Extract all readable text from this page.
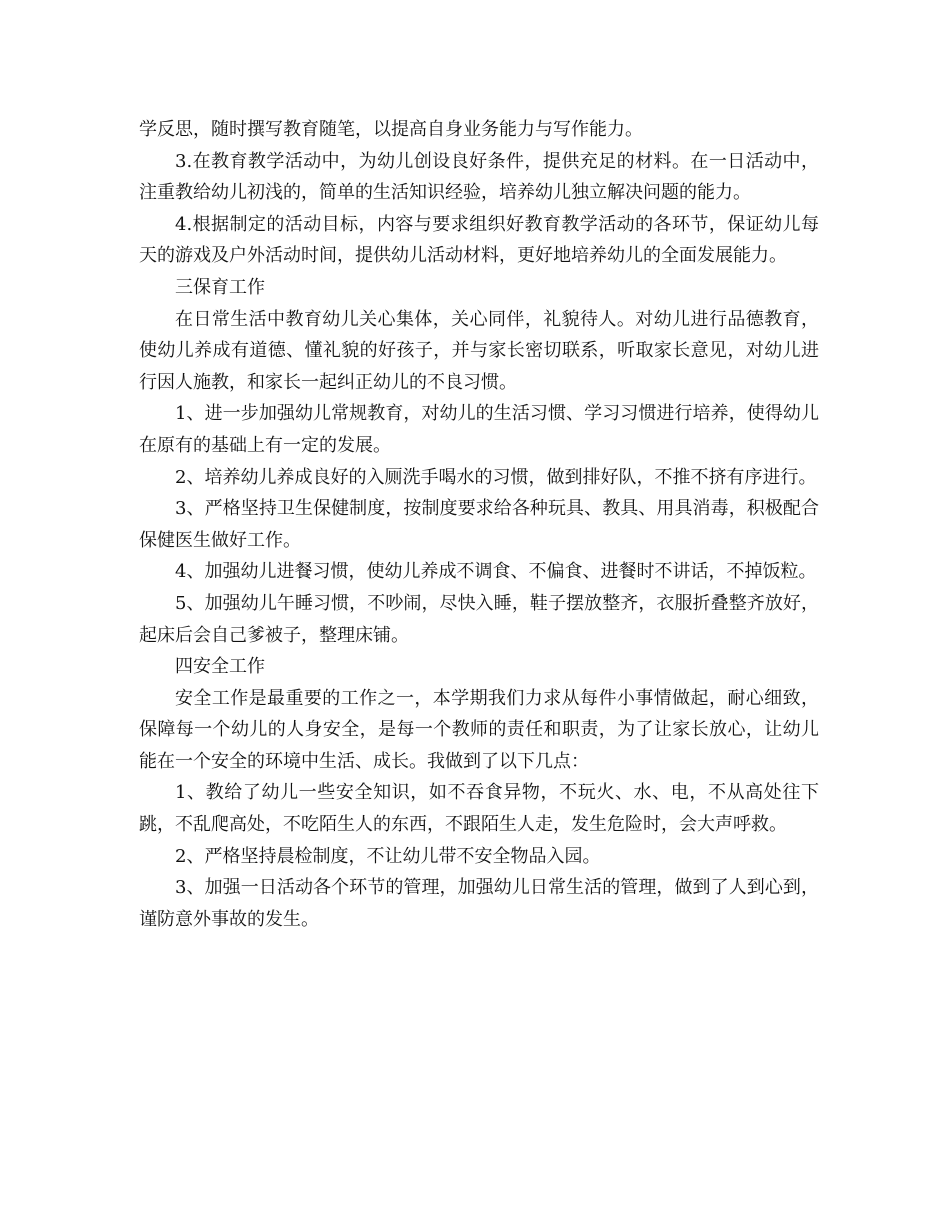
学反思，随时撰写教育随笔，以提高自身业务能力与写作能力。

3.在教育教学活动中，为幼儿创设良好条件，提供充足的材料。在一日活动中，注重教给幼儿初浅的，简单的生活知识经验，培养幼儿独立解决问题的能力。

4.根据制定的活动目标，内容与要求组织好教育教学活动的各环节，保证幼儿每天的游戏及户外活动时间，提供幼儿活动材料，更好地培养幼儿的全面发展能力。

三保育工作

在日常生活中教育幼儿关心集体，关心同伴，礼貌待人。对幼儿进行品德教育，使幼儿养成有道德、懂礼貌的好孩子，并与家长密切联系，听取家长意见，对幼儿进行因人施教，和家长一起纠正幼儿的不良习惯。

1、进一步加强幼儿常规教育，对幼儿的生活习惯、学习习惯进行培养，使得幼儿在原有的基础上有一定的发展。

2、培养幼儿养成良好的入厕洗手喝水的习惯，做到排好队，不推不挤有序进行。

3、严格坚持卫生保健制度，按制度要求给各种玩具、教具、用具消毒，积极配合保健医生做好工作。

4、加强幼儿进餐习惯，使幼儿养成不调食、不偏食、进餐时不讲话，不掉饭粒。

5、加强幼儿午睡习惯，不吵闹，尽快入睡，鞋子摆放整齐，衣服折叠整齐放好，起床后会自己爹被子，整理床铺。

四安全工作

安全工作是最重要的工作之一，本学期我们力求从每件小事情做起，耐心细致，保障每一个幼儿的人身安全，是每一个教师的责任和职责，为了让家长放心，让幼儿能在一个安全的环境中生活、成长。我做到了以下几点：

1、教给了幼儿一些安全知识，如不吞食异物，不玩火、水、电，不从高处往下跳，不乱爬高处，不吃陌生人的东西，不跟陌生人走，发生危险时，会大声呼救。

2、严格坚持晨检制度，不让幼儿带不安全物品入园。

3、加强一日活动各个环节的管理，加强幼儿日常生活的管理，做到了人到心到，谨防意外事故的发生。
